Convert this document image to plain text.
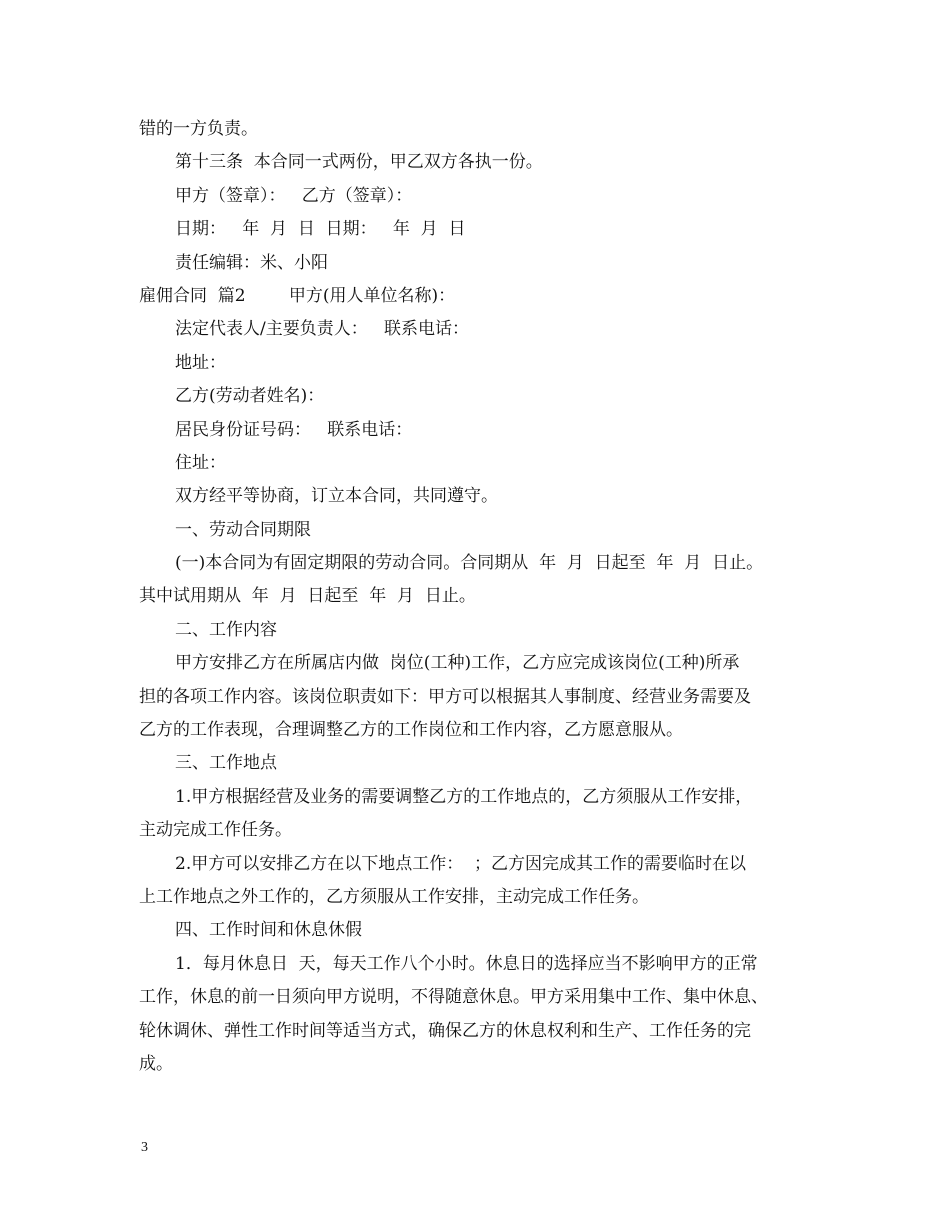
错的一方负责。
第十三条  本合同一式两份，甲乙双方各执一份。
甲方（签章）：   乙方（签章）：
日期：   年  月  日  日期：   年  月  日
责任编辑：米、小阳
雇佣合同  篇2        甲方(用人单位名称)：
法定代表人/主要负责人：   联系电话：
地址：
乙方(劳动者姓名)：
居民身份证号码：   联系电话：
住址：
双方经平等协商，订立本合同，共同遵守。
一、劳动合同期限
(一)本合同为有固定期限的劳动合同。合同期从  年  月  日起至  年  月  日止。
其中试用期从  年  月  日起至  年  月  日止。
二、工作内容
甲方安排乙方在所属店内做  岗位(工种)工作，乙方应完成该岗位(工种)所承
担的各项工作内容。该岗位职责如下：甲方可以根据其人事制度、经营业务需要及
乙方的工作表现，合理调整乙方的工作岗位和工作内容，乙方愿意服从。
三、工作地点
1.甲方根据经营及业务的需要调整乙方的工作地点的，乙方须服从工作安排，
主动完成工作任务。
2.甲方可以安排乙方在以下地点工作：  ；乙方因完成其工作的需要临时在以
上工作地点之外工作的，乙方须服从工作安排，主动完成工作任务。
四、工作时间和休息休假
1．每月休息日  天，每天工作八个小时。休息日的选择应当不影响甲方的正常
工作，休息的前一日须向甲方说明，不得随意休息。甲方采用集中工作、集中休息、
轮休调休、弹性工作时间等适当方式，确保乙方的休息权利和生产、工作任务的完
成。
3
